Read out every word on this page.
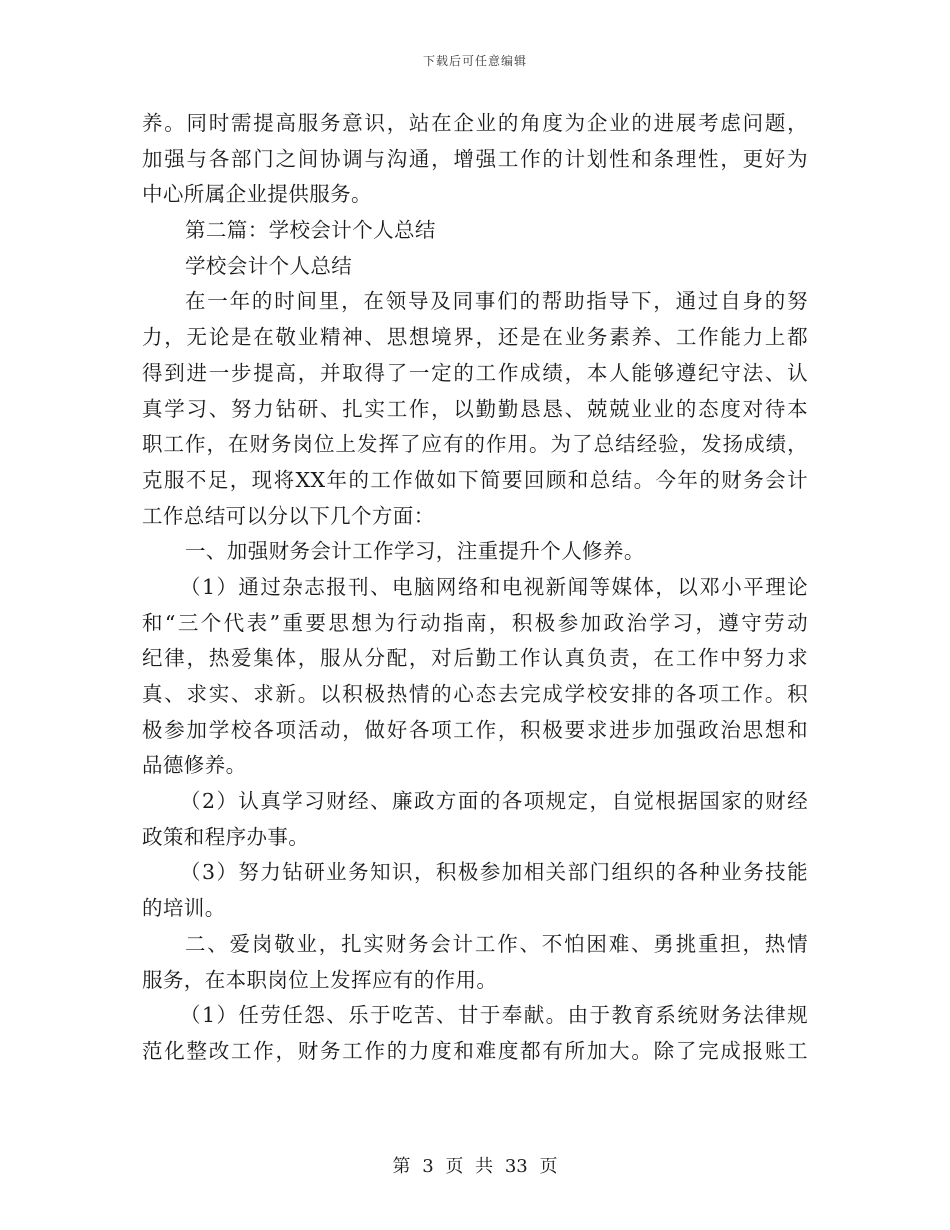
下载后可任意编辑
养。同时需提高服务意识，站在企业的角度为企业的进展考虑问题，
加强与各部门之间协调与沟通，增强工作的计划性和条理性，更好为
中心所属企业提供服务。
第二篇：学校会计个人总结
学校会计个人总结
在一年的时间里，在领导及同事们的帮助指导下，通过自身的努
力，无论是在敬业精神、思想境界，还是在业务素养、工作能力上都
得到进一步提高，并取得了一定的工作成绩，本人能够遵纪守法、认
真学习、努力钻研、扎实工作，以勤勤恳恳、兢兢业业的态度对待本
职工作，在财务岗位上发挥了应有的作用。为了总结经验，发扬成绩，
克服不足，现将XX年的工作做如下简要回顾和总结。今年的财务会计
工作总结可以分以下几个方面：
一、加强财务会计工作学习，注重提升个人修养。
（1）通过杂志报刊、电脑网络和电视新闻等媒体，以邓小平理论
和“三个代表”重要思想为行动指南，积极参加政治学习，遵守劳动
纪律，热爱集体，服从分配，对后勤工作认真负责，在工作中努力求
真、求实、求新。以积极热情的心态去完成学校安排的各项工作。积
极参加学校各项活动，做好各项工作，积极要求进步加强政治思想和
品德修养。
（2）认真学习财经、廉政方面的各项规定，自觉根据国家的财经
政策和程序办事。
（3）努力钻研业务知识，积极参加相关部门组织的各种业务技能
的培训。
二、爱岗敬业，扎实财务会计工作、不怕困难、勇挑重担，热情
服务，在本职岗位上发挥应有的作用。
（1）任劳任怨、乐于吃苦、甘于奉献。由于教育系统财务法律规
范化整改工作，财务工作的力度和难度都有所加大。除了完成报账工
第 3 页 共 33 页
